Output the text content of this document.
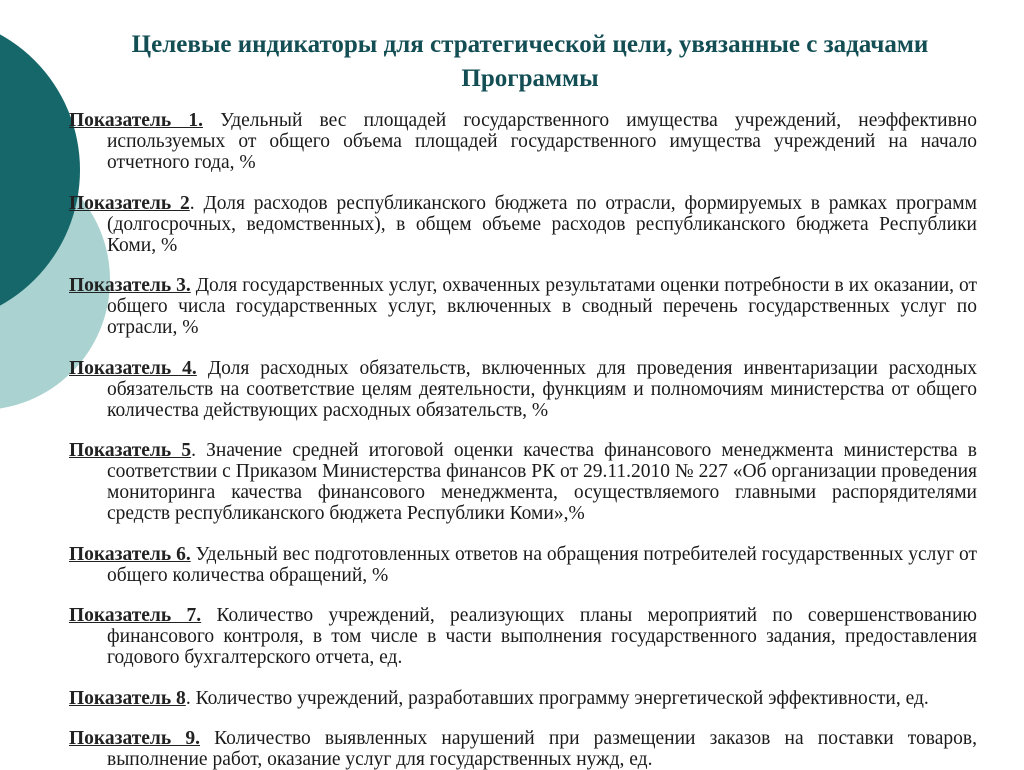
Целевые индикаторы для стратегической цели, увязанные с задачами Программы

Показатель 1. Удельный вес площадей государственного имущества учреждений, неэффективно используемых от общего объема площадей государственного имущества учреждений на начало отчетного года, %

Показатель 2. Доля расходов республиканского бюджета по отрасли, формируемых в рамках программ (долгосрочных, ведомственных), в общем объеме расходов республиканского бюджета Республики Коми, %

Показатель 3. Доля государственных услуг, охваченных результатами оценки потребности в их оказании, от общего числа государственных услуг, включенных в сводный перечень государственных услуг по отрасли, %

Показатель 4. Доля расходных обязательств, включенных для проведения инвентаризации расходных обязательств на соответствие целям деятельности, функциям и полномочиям министерства от общего количества действующих расходных обязательств, %

Показатель 5. Значение средней итоговой оценки качества финансового менеджмента министерства в соответствии с Приказом Министерства финансов РК от 29.11.2010 № 227 «Об организации проведения мониторинга качества финансового менеджмента, осуществляемого главными распорядителями средств республиканского бюджета Республики Коми»,%

Показатель 6. Удельный вес подготовленных ответов на обращения потребителей государственных услуг от общего количества обращений, %

Показатель 7. Количество учреждений, реализующих планы мероприятий по совершенствованию финансового контроля, в том числе в части выполнения государственного задания, предоставления годового бухгалтерского отчета, ед.

Показатель 8. Количество учреждений, разработавших программу энергетической эффективности, ед.

Показатель 9. Количество выявленных нарушений при размещении заказов на поставки товаров, выполнение работ, оказание услуг для государственных нужд, ед.
